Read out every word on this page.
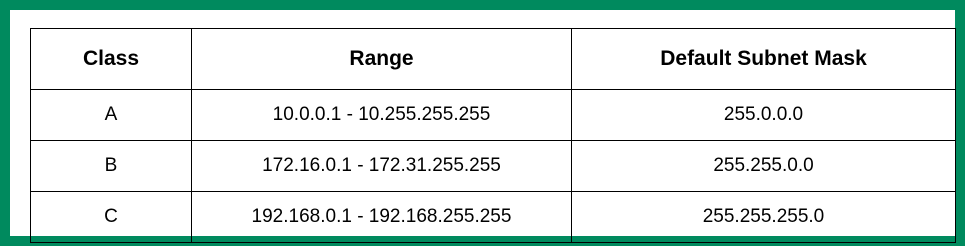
Class	Range	Default Subnet Mask
A	10.0.0.1 - 10.255.255.255	255.0.0.0
B	172.16.0.1 - 172.31.255.255	255.255.0.0
C	192.168.0.1 - 192.168.255.255	255.255.255.0
